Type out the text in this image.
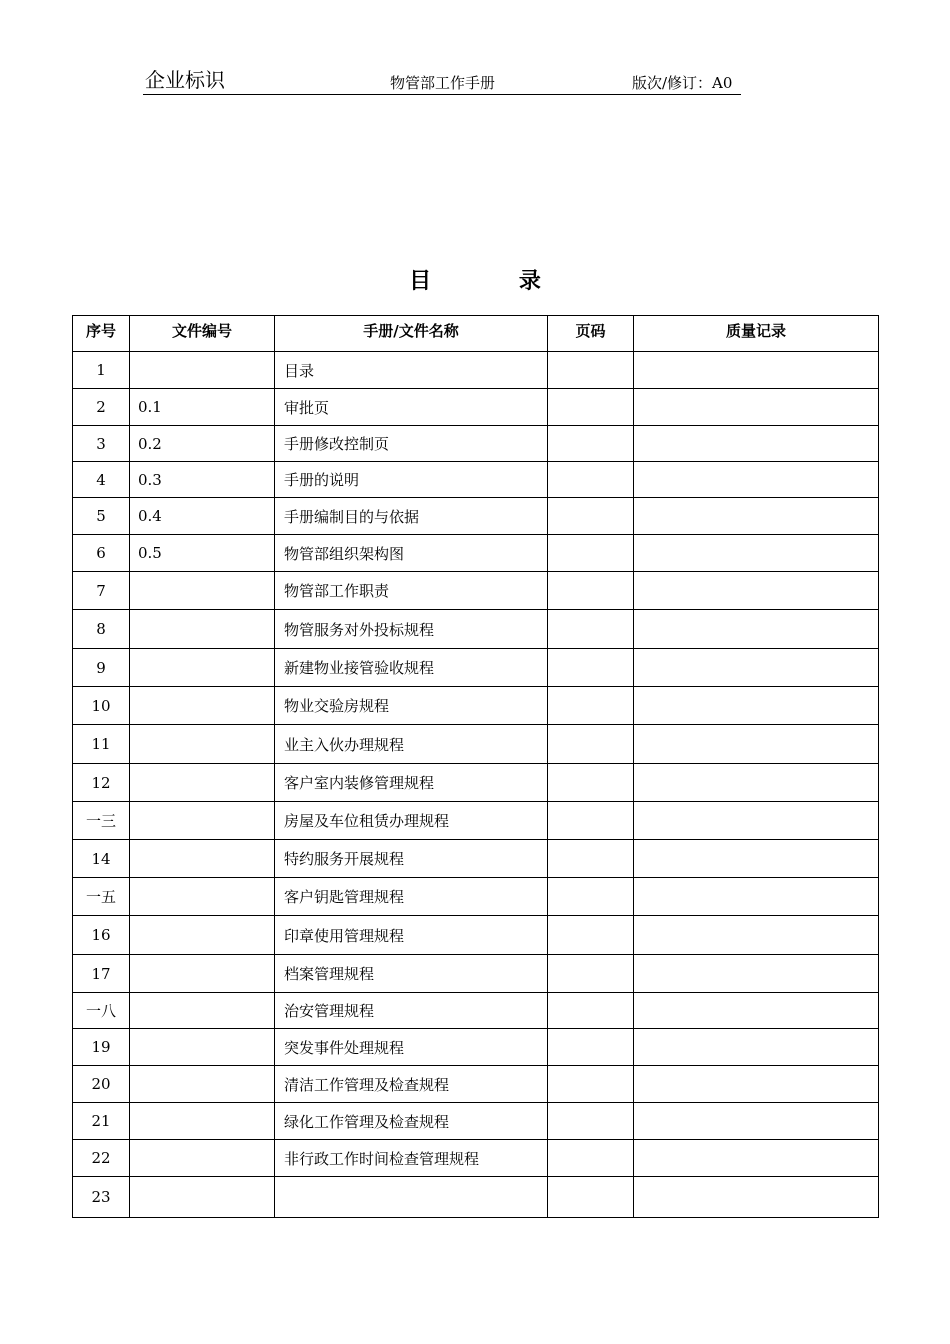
企业标识	物管部工作手册	版次/修订：A0
目 录
序号	文件编号	手册/文件名称	页码	质量记录
1		目录		
2	0.1	审批页		
3	0.2	手册修改控制页		
4	0.3	手册的说明		
5	0.4	手册编制目的与依据		
6	0.5	物管部组织架构图		
7		物管部工作职责		
8		物管服务对外投标规程		
9		新建物业接管验收规程		
10		物业交验房规程		
11		业主入伙办理规程		
12		客户室内装修管理规程		
一三		房屋及车位租赁办理规程		
14		特约服务开展规程		
一五		客户钥匙管理规程		
16		印章使用管理规程		
17		档案管理规程		
一八		治安管理规程		
19		突发事件处理规程		
20		清洁工作管理及检查规程		
21		绿化工作管理及检查规程		
22		非行政工作时间检查管理规程		
23				
